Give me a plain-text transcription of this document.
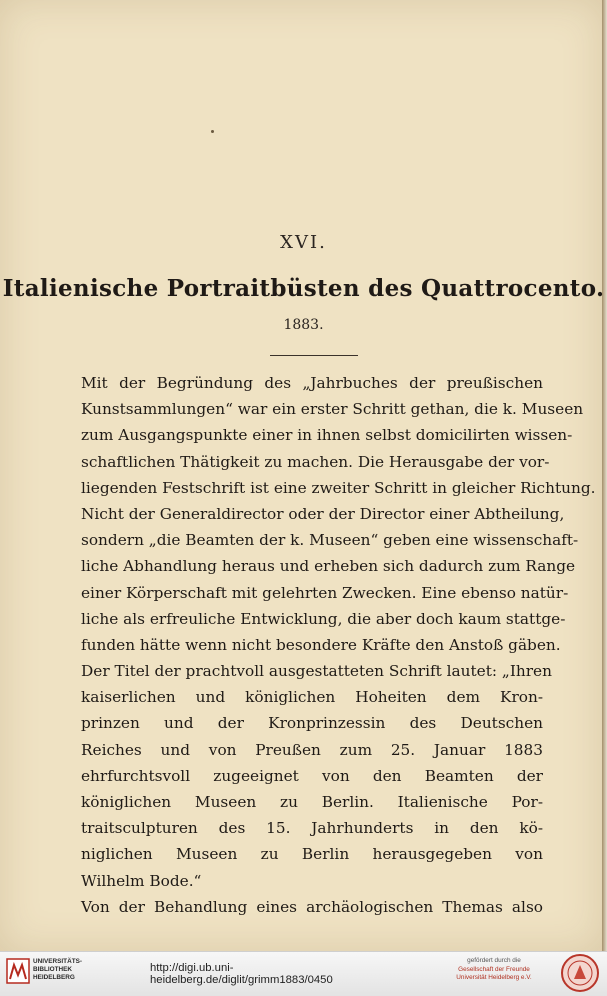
XVI.
Italienische Portraitbüsten des Quattrocento.
1883.
Mit der Begründung des „Jahrbuches der preußischen
Kunstsammlungen“ war ein erster Schritt gethan, die k. Museen
zum Ausgangspunkte einer in ihnen selbst domicilirten wissen-
schaftlichen Thätigkeit zu machen. Die Herausgabe der vor-
liegenden Festschrift ist eine zweiter Schritt in gleicher Richtung.
Nicht der Generaldirector oder der Director einer Abtheilung,
sondern „die Beamten der k. Museen“ geben eine wissenschaft-
liche Abhandlung heraus und erheben sich dadurch zum Range
einer Körperschaft mit gelehrten Zwecken. Eine ebenso natür-
liche als erfreuliche Entwicklung, die aber doch kaum stattge-
funden hätte wenn nicht besondere Kräfte den Anstoß gäben.
Der Titel der prachtvoll ausgestatteten Schrift lautet: „Ihren
kaiserlichen und königlichen Hoheiten dem Kron-
prinzen und der Kronprinzessin des Deutschen
Reiches und von Preußen zum 25. Januar 1883
ehrfurchtsvoll zugeeignet von den Beamten der
königlichen Museen zu Berlin. Italienische Por-
traitsculpturen des 15. Jahrhunderts in den kö-
niglichen Museen zu Berlin herausgegeben von
Wilhelm Bode.“
Von der Behandlung eines archäologischen Themas also
UNIVERSITÄTS-
BIBLIOTHEK
HEIDELBERG
http://digi.ub.uni-heidelberg.de/diglit/grimm1883/0450
gefördert durch die
Gesellschaft der Freunde
Universität Heidelberg e.V.
